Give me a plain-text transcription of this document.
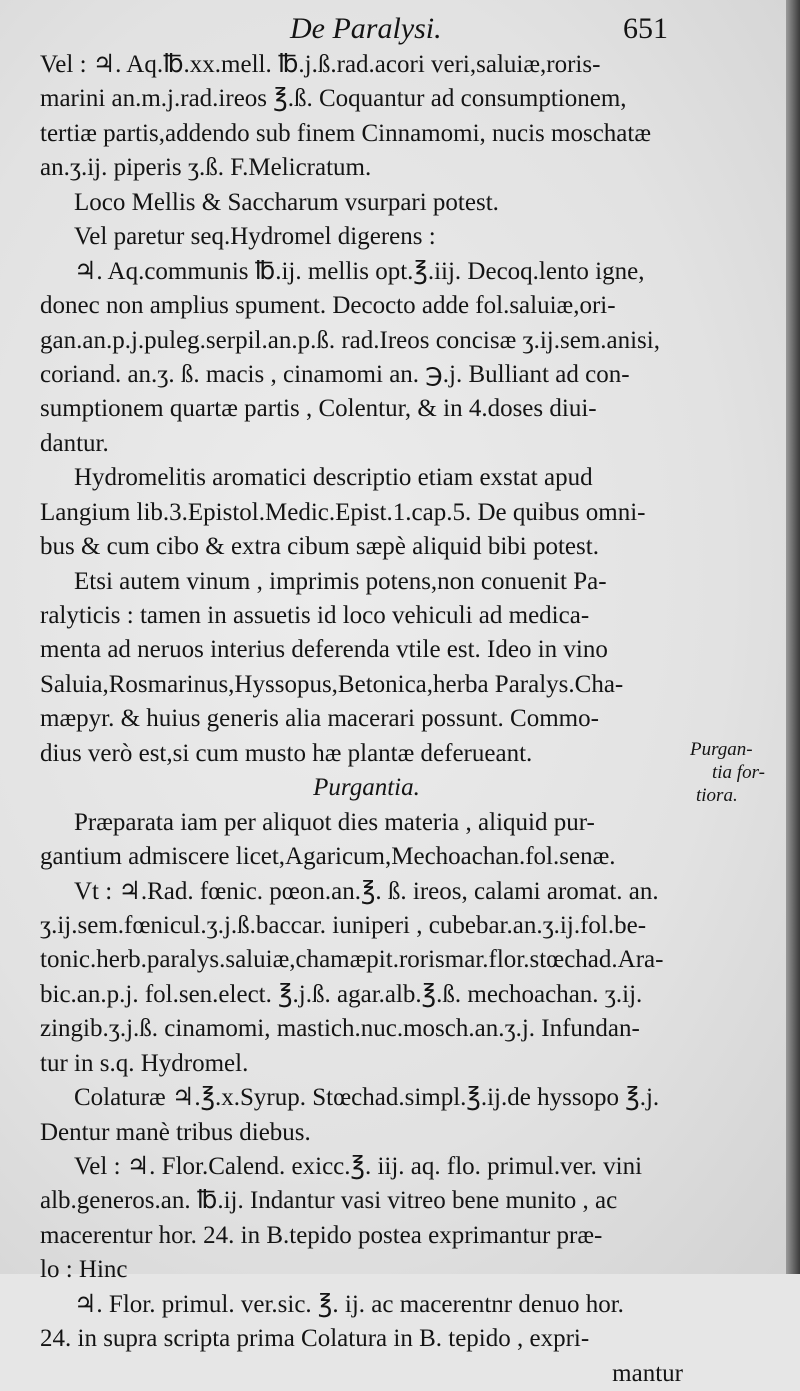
De Paralysi.	651
Vel : ♃. Aq.℔.xx.mell. ℔.j.ß.rad.acori veri,saluiæ,roris-
marini an.m.j.rad.ireos ℥.ß. Coquantur ad consumptionem,
tertiæ partis,addendo sub finem Cinnamomi, nucis moschatæ
an.ʒ.ij. piperis ʒ.ß. F.Melicratum.
Loco Mellis & Saccharum vsurpari potest.
Vel paretur seq.Hydromel digerens :
♃. Aq.communis ℔.ij. mellis opt.℥.iij. Decoq.lento igne,
donec non amplius spument. Decocto adde fol.saluiæ,ori-
gan.an.p.j.puleg.serpil.an.p.ß. rad.Ireos concisæ ʒ.ij.sem.anisi,
coriand. an.ʒ. ß. macis , cinamomi an. ℈.j. Bulliant ad con-
sumptionem quartæ partis , Colentur, & in 4.doses diui-
dantur.
Hydromelitis aromatici descriptio etiam exstat apud
Langium lib.3.Epistol.Medic.Epist.1.cap.5. De quibus omni-
bus & cum cibo & extra cibum sæpè aliquid bibi potest.
Etsi autem vinum , imprimis potens,non conuenit Pa-
ralyticis : tamen in assuetis id loco vehiculi ad medica-
menta ad neruos interius deferenda vtile est. Ideo in vino
Saluia,Rosmarinus,Hyssopus,Betonica,herba Paralys.Cha-
mæpyr. & huius generis alia macerari possunt. Commo-
dius verò est,si cum musto hæ plantæ deferueant.
Purgantia.
Præparata iam per aliquot dies materia , aliquid pur-
gantium admiscere licet,Agaricum,Mechoachan.fol.senæ.
Vt : ♃.Rad. fœnic. pœon.an.℥. ß. ireos, calami aromat. an.
ʒ.ij.sem.fœnicul.ʒ.j.ß.baccar. iuniperi , cubebar.an.ʒ.ij.fol.be-
tonic.herb.paralys.saluiæ,chamæpit.rorismar.flor.stœchad.Ara-
bic.an.p.j. fol.sen.elect. ℥.j.ß. agar.alb.℥.ß. mechoachan. ʒ.ij.
zingib.ʒ.j.ß. cinamomi, mastich.nuc.mosch.an.ʒ.j. Infundan-
tur in s.q. Hydromel.
Colaturæ ♃.℥.x.Syrup. Stœchad.simpl.℥.ij.de hyssopo ℥.j.
Dentur manè tribus diebus.
Vel : ♃. Flor.Calend. exicc.℥. iij. aq. flo. primul.ver. vini
alb.generos.an. ℔.ij. Indantur vasi vitreo bene munito , ac
macerentur hor. 24. in B.tepido postea exprimantur præ-
lo : Hinc
♃. Flor. primul. ver.sic. ℥. ij. ac macerentnr denuo hor.
24. in supra scripta prima Colatura in B. tepido , expri-
mantur
Purgan-
tia for-
tiora.
